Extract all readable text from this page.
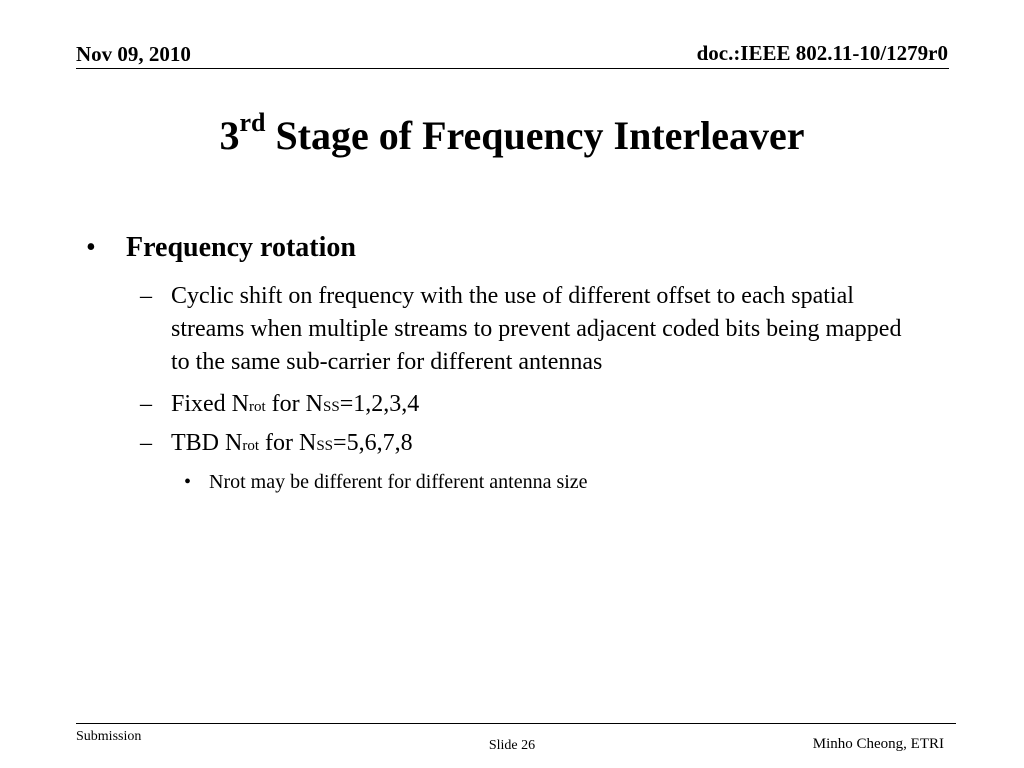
Nov 09, 2010	doc.:IEEE 802.11-10/1279r0
3rd Stage of Frequency Interleaver
• Frequency rotation
– Cyclic shift on frequency with the use of different offset to each spatial streams when multiple streams to prevent adjacent coded bits being mapped to the same sub-carrier for different antennas
– Fixed Nrot for NSS=1,2,3,4
– TBD Nrot for NSS=5,6,7,8
• Nrot may be different for different antenna size
Submission
Slide 26	Minho Cheong, ETRI
